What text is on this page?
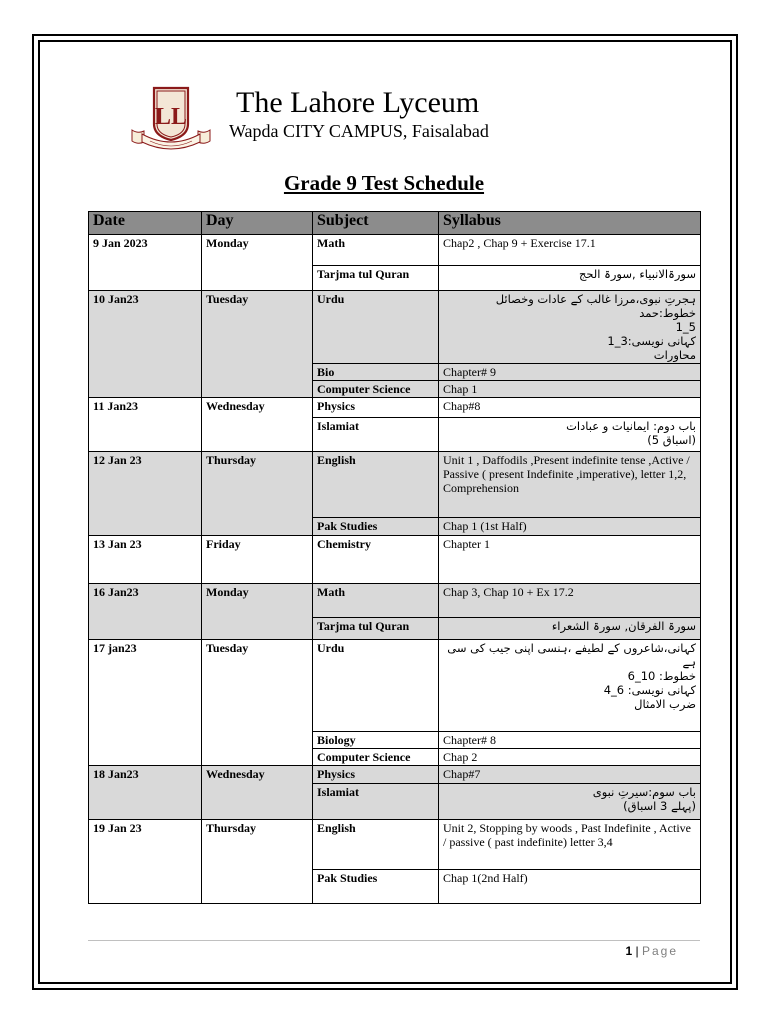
LL The Lahore Lyceum
Wapda CITY CAMPUS, Faisalabad
Grade 9 Test Schedule
Date	Day	Subject	Syllabus
9 Jan 2023	Monday	Math	Chap2 , Chap 9 + Exercise 17.1
		Tarjma tul Quran	سورۃالانبیاء ,سورۃ الحج
10 Jan23	Tuesday	Urdu	ہجرتِ نبوی،مرزا غالب کے عادات وخصائل
خطوط:حمد
5_1
کہانی نویسی:3_1
محاورات

		Bio	Chapter# 9
		Computer Science	Chap 1
11 Jan23	Wednesday	Physics	Chap#8
		Islamiat	باب دوم: ایمانیات و عبادات
(اسباق 5)

12 Jan 23	Thursday	English	Unit 1 , Daffodils ,Present indefinite tense ,Active / Passive ( present Indefinite ,imperative), letter 1,2, Comprehension
		Pak Studies	Chap 1 (1st Half)
13 Jan 23	Friday	Chemistry	Chapter 1
16 Jan23	Monday	Math	Chap 3, Chap 10 + Ex 17.2
		Tarjma tul Quran	سورۃ الفرقان, سورۃ الشعراء
17 jan23	Tuesday	Urdu	کہانی،شاعروں کے لطیفے ،ہنسی اپنی جیب کی سی ہے
خطوط: 10_6
کہانی نویسی: 6_4
ضرب الامثال

		Biology	Chapter# 8
		Computer Science	Chap 2
18 Jan23	Wednesday	Physics	Chap#7
		Islamiat	باب سوم:سیرتِ نبوی
(پہلے 3 اسباق)

19 Jan 23	Thursday	English	Unit 2, Stopping by woods , Past Indefinite , Active / passive ( past indefinite) letter 3,4
		Pak Studies	Chap 1(2nd Half)
1 | Page
